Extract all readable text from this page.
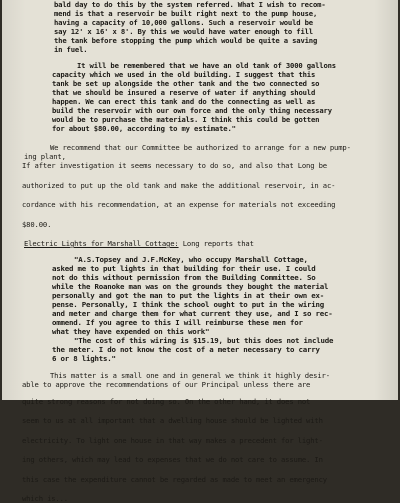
bald day to do this by the system referred. What I wish to recom-

mend is that a reservoir be built right next to the pump house,

having a capacity of 10,000 gallons. Such a reservoir would be

say 12' x 16' x 8'. By this we would have water enough to fill

the tank before stopping the pump which would be quite a saving

in fuel.

It will be remembered that we have an old tank of 3000 gallons

capacity which we used in the old building. I suggest that this

tank be set up alongside the other tank and the two connected so

that we should be insured a reserve of water if anything should

happen. We can erect this tank and do the connecting as well as

build the reservoir with our own force and the only thing necessary

would be to purchase the materials. I think this could be gotten

for about $80.00, according to my estimate."

We recommend that our Committee be authorized to arrange for a new pump-

ing plant,

If after investigation it seems necessary to do so, and also that Long be

authorized to put up the old tank and make the additional reservoir, in ac-

cordance with his recommendation, at an expense for materials not exceeding

$80.00.

Electric Lights for Marshall Cottage: Long reports that

"A.S.Topsey and J.F.McKey, who occupy Marshall Cottage,

asked me to put lights in that building for their use. I could

not do this without permission from the Building Committee. So

while the Roanoke man was on the grounds they bought the material

personally and got the man to put the lights in at their own ex-

pense. Personally, I think the school ought to put in the wiring

and meter and charge them for what current they use, and I so rec-

ommend. If you agree to this I will reimburse these men for

what they have expended on this work"

"The cost of this wiring is $15.19, but this does not include

the meter. I do not know the cost of a meter necessary to carry

6 or 8 lights."

This matter is a small one and in general we think it highly desir-

able to approve the recommendations of our Principal unless there are

quite strong reasons for not doing so. On the other hand, it does not

seem to us at all important that a dwelling house should be lighted with

electricity. To light one house in that way makes a precedent for light-

ing others, which may lead to expenses that we do not care to assume. In

this case the expenditure cannot be regarded as made to meet an emergency

which is...
